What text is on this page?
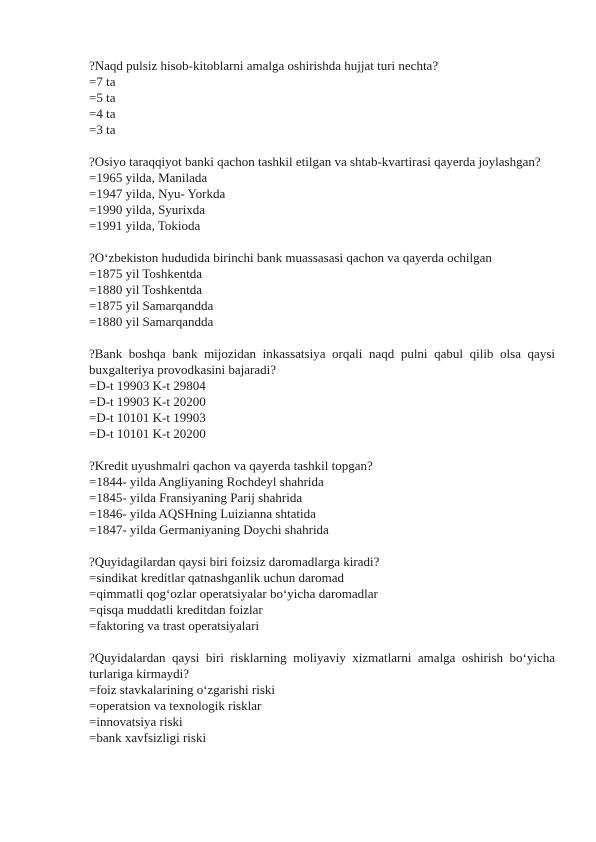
?Naqd pulsiz hisob-kitoblarni amalga oshirishda hujjat turi nechta?
=7 ta
=5 ta
=4 ta
=3 ta
?Osiyo taraqqiyot banki qachon tashkil etilgan va shtab-kvartirasi qayerda joylashgan?
=1965 yilda, Manilada
=1947 yilda, Nyu- Yorkda
=1990 yilda, Syurixda
=1991 yilda, Tokioda
?O‘zbekiston hududida birinchi bank muassasasi qachon va qayerda ochilgan
=1875 yil Toshkentda
=1880 yil Toshkentda
=1875 yil Samarqandda
=1880 yil Samarqandda
?Bank boshqa bank mijozidan inkassatsiya orqali naqd pulni qabul qilib olsa qaysi buxgalteriya provodkasini bajaradi?
=D-t 19903 K-t 29804
=D-t 19903 K-t 20200
=D-t 10101 K-t 19903
=D-t 10101 K-t 20200
?Kredit uyushmalri qachon va qayerda tashkil topgan?
=1844- yilda Angliyaning Rochdeyl shahrida
=1845- yilda Fransiyaning Parij shahrida
=1846- yilda AQSHning Luizianna shtatida
=1847- yilda Germaniyaning Doychi shahrida
?Quyidagilardan qaysi biri foizsiz daromadlarga kiradi?
=sindikat kreditlar qatnashganlik uchun daromad
=qimmatli qog‘ozlar operatsiyalar bo‘yicha daromadlar
=qisqa muddatli kreditdan foizlar
=faktoring va trast operatsiyalari
?Quyidalardan qaysi biri risklarning moliyaviy xizmatlarni amalga oshirish bo‘yicha turlariga kirmaydi?
=foiz stavkalarining o‘zgarishi riski
=operatsion va texnologik risklar
=innovatsiya riski
=bank xavfsizligi riski
